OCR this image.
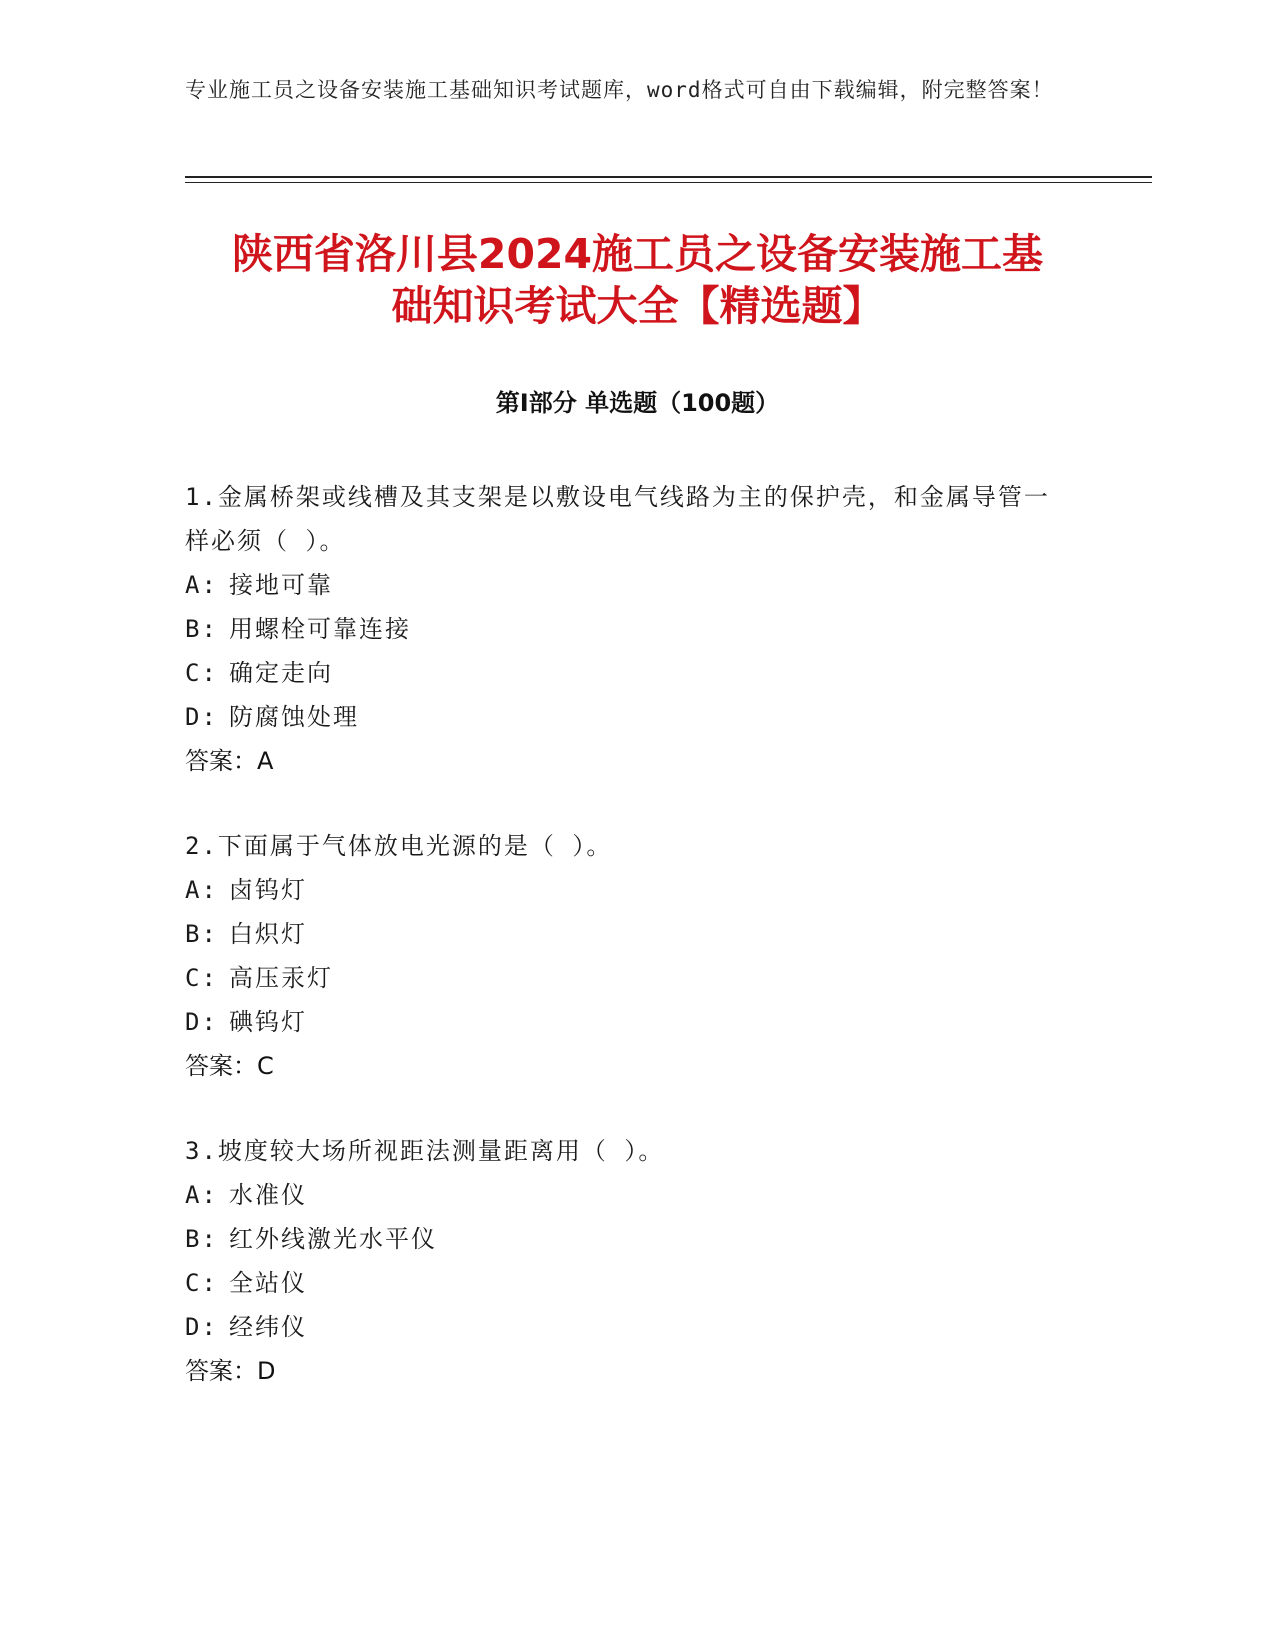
专业施工员之设备安装施工基础知识考试题库，word格式可自由下载编辑，附完整答案！
陕西省洛川县2024施工员之设备安装施工基
础知识考试大全【精选题】
第Ⅰ部分 单选题（100题）
1.金属桥架或线槽及其支架是以敷设电气线路为主的保护壳，和金属导管一样必须（ ）。
A: 接地可靠
B: 用螺栓可靠连接
C: 确定走向
D: 防腐蚀处理
答案：A
2.下面属于气体放电光源的是（ ）。
A: 卤钨灯
B: 白炽灯
C: 高压汞灯
D: 碘钨灯
答案：C
3.坡度较大场所视距法测量距离用（ ）。
A: 水准仪
B: 红外线激光水平仪
C: 全站仪
D: 经纬仪
答案：D
